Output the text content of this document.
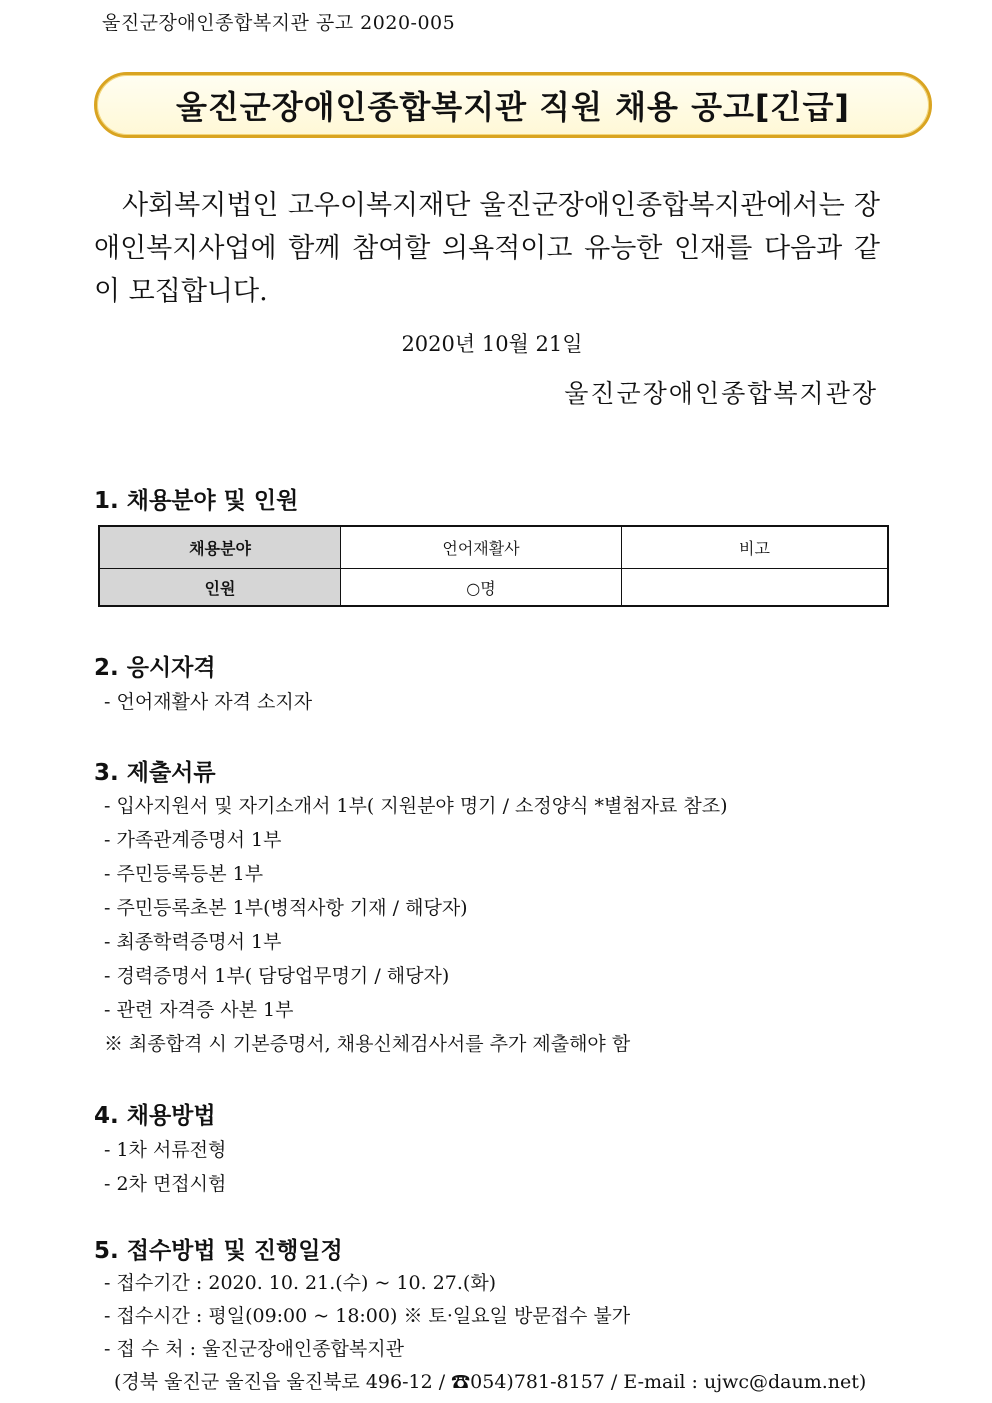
울진군장애인종합복지관 공고 2020-005
울진군장애인종합복지관 직원 채용 공고[긴급]
사회복지법인 고우이복지재단 울진군장애인종합복지관에서는 장애인복지사업에 함께 참여할 의욕적이고 유능한 인재를 다음과 같이 모집합니다.
2020년 10월 21일
울진군장애인종합복지관장
1. 채용분야 및 인원
채용분야	언어재활사	비고
인원	○명	
2. 응시자격
- 언어재활사 자격 소지자
3. 제출서류
- 입사지원서 및 자기소개서 1부( 지원분야 명기 / 소정양식 *별첨자료 참조)
- 가족관계증명서 1부
- 주민등록등본 1부
- 주민등록초본 1부(병적사항 기재 / 해당자)
- 최종학력증명서 1부
- 경력증명서 1부( 담당업무명기 / 해당자)
- 관련 자격증 사본 1부
※ 최종합격 시 기본증명서, 채용신체검사서를 추가 제출해야 함
4. 채용방법
- 1차 서류전형
- 2차 면접시험
5. 접수방법 및 진행일정
- 접수기간 : 2020. 10. 21.(수) ~ 10. 27.(화)
- 접수시간 : 평일(09:00 ~ 18:00) ※ 토·일요일 방문접수 불가
- 접 수 처 : 울진군장애인종합복지관
(경북 울진군 울진읍 울진북로 496-12 / ☎054)781-8157 / E-mail : ujwc@daum.net)
